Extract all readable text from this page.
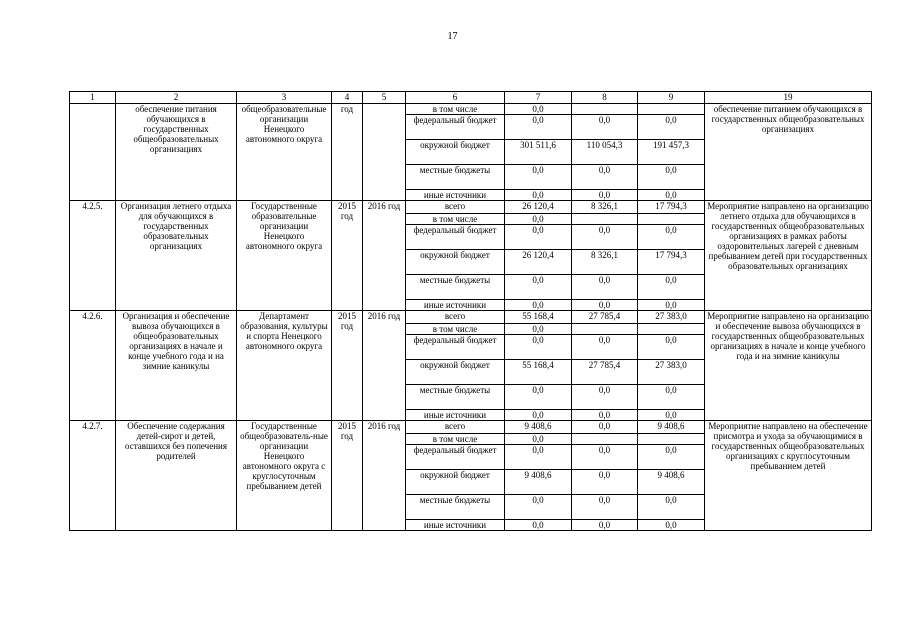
17
1	2	3	4	5	6	7	8	9	19
	обеспечение питания обучающихся в государственных общеобразовательных организациях	общеобразовательные организации Ненецкого автономного округа	год		в том числе	0,0			обеспечение питанием обучающихся в государственных общеобразовательных организациях
					федеральный бюджет	0,0	0,0	0,0	
					окружной бюджет	301 511,6	110 054,3	191 457,3	
					местные бюджеты	0,0	0,0	0,0	
					иные источники	0,0	0,0	0,0	
4.2.5.	Организация летнего отдыха для обучающихся в государственных образовательных организациях	Государственные образовательные организации Ненецкого автономного округа	2015 год	2016 год	всего	26 120,4	8 326,1	17 794,3	Мероприятие направлено на организацию летнего отдыха для обучающихся в государственных общеобразовательных организациях в рамках работы оздоровительных лагерей с дневным пребыванием детей при государственных образовательных организациях
					в том числе	0,0			
					федеральный бюджет	0,0	0,0	0,0	
					окружной бюджет	26 120,4	8 326,1	17 794,3	
					местные бюджеты	0,0	0,0	0,0	
					иные источники	0,0	0,0	0,0	
4.2.6.	Организация и обеспечение вывоза обучающихся в общеобразовательных организациях в начале и конце учебного года и на зимние каникулы	Департамент образования, культуры и спорта Ненецкого автономного округа	2015 год	2016 год	всего	55 168,4	27 785,4	27 383,0	Мероприятие направлено на организацию и обеспечение вывоза обучающихся в государственных общеобразовательных организациях в начале и конце учебного года и на зимние каникулы
					в том числе	0,0			
					федеральный бюджет	0,0	0,0	0,0	
					окружной бюджет	55 168,4	27 785,4	27 383,0	
					местные бюджеты	0,0	0,0	0,0	
					иные источники	0,0	0,0	0,0	
4.2.7.	Обеспечение содержания детей-сирот и детей, оставшихся без попечения родителей	Государственные общеобразователь-ные организации Ненецкого автономного округа с круглосуточным пребыванием детей	2015 год	2016 год	всего	9 408,6	0,0	9 408,6	Мероприятие направлено на обеспечение присмотра и ухода за обучающимися в государственных общеобразовательных организациях с круглосуточным пребыванием детей
					в том числе	0,0			
					федеральный бюджет	0,0	0,0	0,0	
					окружной бюджет	9 408,6	0,0	9 408,6	
					местные бюджеты	0,0	0,0	0,0	
					иные источники	0,0	0,0	0,0	
